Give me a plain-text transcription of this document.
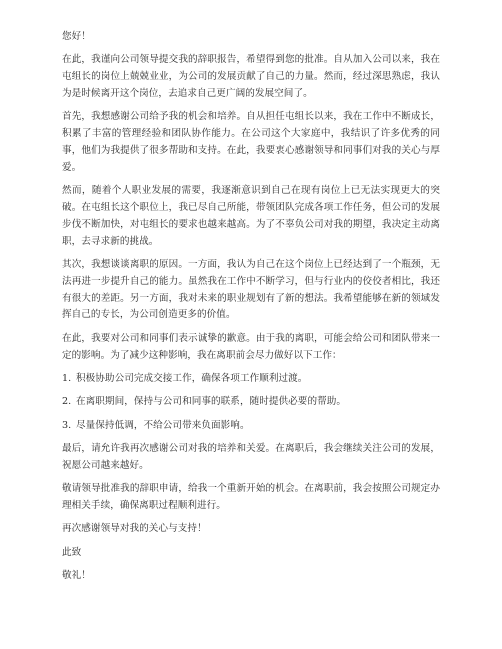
您好！

在此，我谨向公司领导提交我的辞职报告，希望得到您的批准。自从加入公司以来，我在屯组长的岗位上兢兢业业，为公司的发展贡献了自己的力量。然而，经过深思熟虑，我认为是时候离开这个岗位，去追求自己更广阔的发展空间了。

首先，我想感谢公司给予我的机会和培养。自从担任屯组长以来，我在工作中不断成长，积累了丰富的管理经验和团队协作能力。在公司这个大家庭中，我结识了许多优秀的同事，他们为我提供了很多帮助和支持。在此，我要衷心感谢领导和同事们对我的关心与厚爱。

然而，随着个人职业发展的需要，我逐渐意识到自己在现有岗位上已无法实现更大的突破。在屯组长这个职位上，我已尽自己所能，带领团队完成各项工作任务，但公司的发展步伐不断加快，对屯组长的要求也越来越高。为了不辜负公司对我的期望，我决定主动离职，去寻求新的挑战。

其次，我想谈谈离职的原因。一方面，我认为自己在这个岗位上已经达到了一个瓶颈，无法再进一步提升自己的能力。虽然我在工作中不断学习，但与行业内的佼佼者相比，我还有很大的差距。另一方面，我对未来的职业规划有了新的想法。我希望能够在新的领域发挥自己的专长，为公司创造更多的价值。

在此，我要对公司和同事们表示诚挚的歉意。由于我的离职，可能会给公司和团队带来一定的影响。为了减少这种影响，我在离职前会尽力做好以下工作：

1. 积极协助公司完成交接工作，确保各项工作顺利过渡。
2. 在离职期间，保持与公司和同事的联系，随时提供必要的帮助。
3. 尽量保持低调，不给公司带来负面影响。

最后，请允许我再次感谢公司对我的培养和关爱。在离职后，我会继续关注公司的发展，祝愿公司越来越好。

敬请领导批准我的辞职申请，给我一个重新开始的机会。在离职前，我会按照公司规定办理相关手续，确保离职过程顺利进行。

再次感谢领导对我的关心与支持！

此致

敬礼！
